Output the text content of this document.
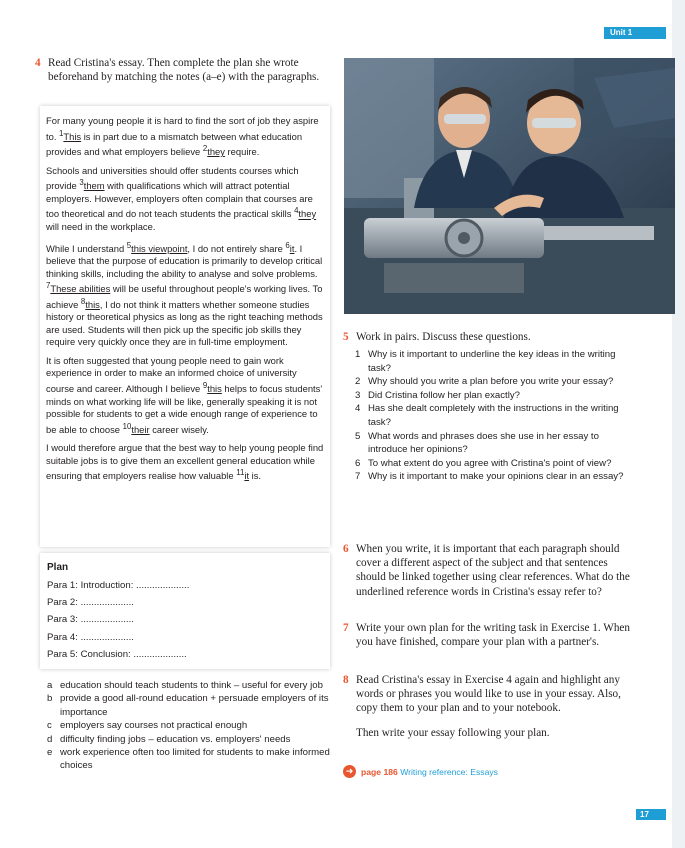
Unit 1
4 Read Cristina's essay. Then complete the plan she wrote beforehand by matching the notes (a–e) with the paragraphs.

For many young people it is hard to find the sort of job they aspire to. $^1$This is in part due to a mismatch between what education provides and what employers believe $^2$they require.

Schools and universities should offer students courses which provide $^3$them with qualifications which will attract potential employers. However, employers often complain that courses are too theoretical and do not teach students the practical skills $^4$they will need in the workplace.

While I understand $^5$this viewpoint, I do not entirely share $^6$it. I believe that the purpose of education is primarily to develop critical thinking skills, including the ability to analyse and solve problems. $^7$These abilities will be useful throughout people's working lives. To achieve $^8$this, I do not think it matters whether someone studies history or theoretical physics as long as the right teaching methods are used. Students will then pick up the specific job skills they require very quickly once they are in full-time employment.

It is often suggested that young people need to gain work experience in order to make an informed choice of university course and career. Although I believe $^9$this helps to focus students' minds on what working life will be like, generally speaking it is not possible for students to get a wide enough range of experience to be able to choose $^{10}$their career wisely.

I would therefore argue that the best way to help young people find suitable jobs is to give them an excellent general education while ensuring that employers realise how valuable $^{11}$it is.

Plan
Para 1: Introduction: ....................
Para 2: ....................
Para 3: ....................
Para 4: ....................
Para 5: Conclusion: ....................
a education should teach students to think – useful for every job
b provide a good all-round education + persuade employers of its importance
c employers say courses not practical enough
d difficulty finding jobs – education vs. employers' needs
e work experience often too limited for students to make informed choices
5 Work in pairs. Discuss these questions.
1 Why is it important to underline the key ideas in the writing task?
2 Why should you write a plan before you write your essay?
3 Did Cristina follow her plan exactly?
4 Has she dealt completely with the instructions in the writing task?
5 What words and phrases does she use in her essay to introduce her opinions?
6 To what extent do you agree with Cristina's point of view?
7 Why is it important to make your opinions clear in an essay?
6 When you write, it is important that each paragraph should cover a different aspect of the subject and that sentences should be linked together using clear references. What do the underlined reference words in Cristina's essay refer to?
7 Write your own plan for the writing task in Exercise 1. When you have finished, compare your plan with a partner's.
8 Read Cristina's essay in Exercise 4 again and highlight any words or phrases you would like to use in your essay. Also, copy them to your plan and to your notebook.
Then write your essay following your plan.
➜ page 186
Writing reference:
Essays
17
